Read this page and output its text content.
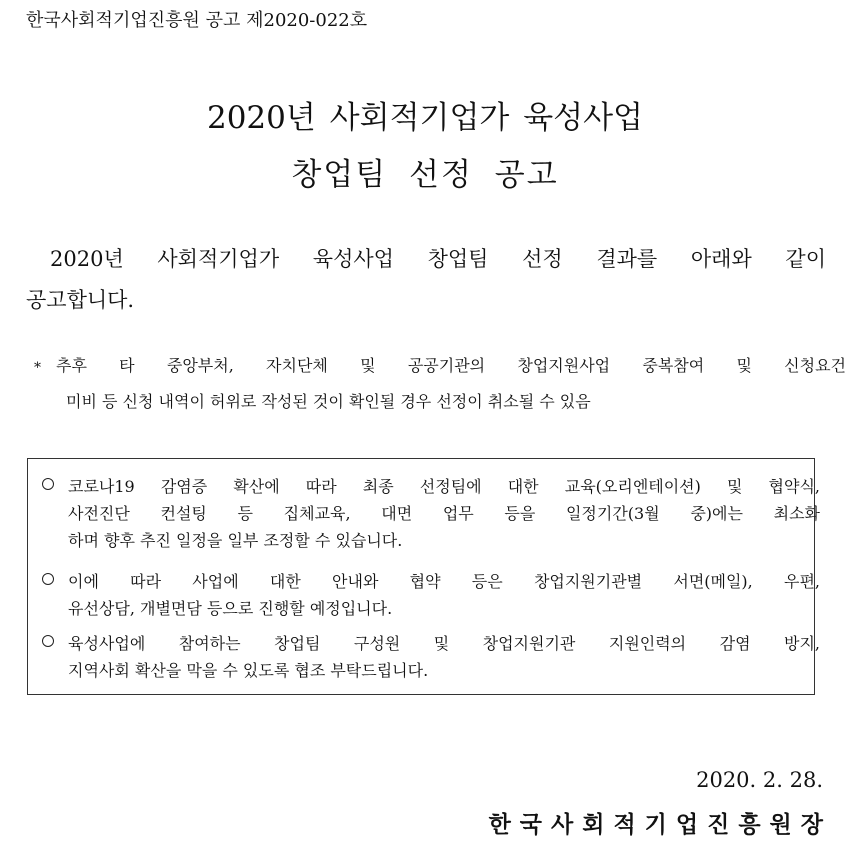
한국사회적기업진흥원 공고 제2020-022호
2020년 사회적기업가 육성사업
창업팀 선정 공고
2020년 사회적기업가 육성사업 창업팀 선정 결과를 아래와 같이
공고합니다.
* 추후 타 중앙부처, 자치단체 및 공공기관의 창업지원사업 중복참여 및 신청요건
미비 등 신청 내역이 허위로 작성된 것이 확인될 경우 선정이 취소될 수 있음
코로나19 감염증 확산에 따라 최종 선정팀에 대한 교육(오리엔테이션) 및 협약식,
사전진단 컨설팅 등 집체교육, 대면 업무 등을 일정기간(3월 중)에는 최소화
하며 향후 추진 일정을 일부 조정할 수 있습니다.
이에 따라 사업에 대한 안내와 협약 등은 창업지원기관별 서면(메일), 우편,
유선상담, 개별면담 등으로 진행할 예정입니다.
육성사업에 참여하는 창업팀 구성원 및 창업지원기관 지원인력의 감염 방지,
지역사회 확산을 막을 수 있도록 협조 부탁드립니다.
2020. 2. 28.
한국사회적기업진흥원장
